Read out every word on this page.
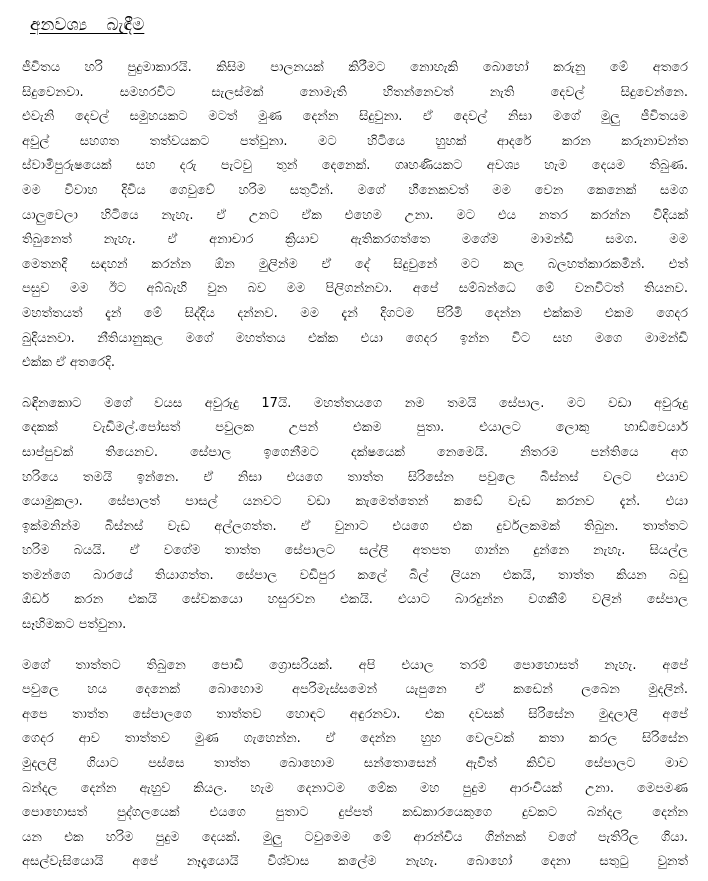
අනවශ්‍ය බැඳීම
ජීවිතය හරි පුදුමාකාරයි. කිසිම පාලනයක් කිරීමට නොහැකි බොහෝ කරුනු මේ අතරෙ
සිදුවෙනවා. සමහරවිට සැලස්මක් නොමැති හිතන්නෙවත් නැති දෙවල් සිදුවෙන්නෙ.
එවැනි දෙවල් සමුහයකට මටත් මුණ දෙන්න සිදුවුනා. ඒ දෙවල් නිසා මගේ මුලු ජීවිතයම
අවුල් සහගත තත්වයකට පත්වුනා. මට හිටියෙ හුහක් ආදරේ කරන කරුනාවන්ත
ස්වාමිපුරුෂයෙක් සහ දරු පැටවු තුන් දෙනෙක්. ගෘහණියකට අවශ්‍ය හැම දෙයම තිබුණ.
මම විවාහ දිවිය ගෙවුවේ හරිම සතුටින්. මගේ හීනෙකවත් මම වෙන කෙනෙක් සමග
යාලුවෙලා හිටියෙ නැහැ. ඒ උනට ඒක එහෙම උනා. මට එය නතර කරන්න විදියක්
තිබුනෙත් නැහැ. ඒ අනාචාර ක්‍රියාව ඇතිකරගත්තෙ මගේම මාමන්ඩි සමග. මම
මෙතනදි සඳහන් කරන්න ඕන මුලින්ම ඒ දේ සිදුවුනේ මට කල බලහත්කාරකමින්. එත්
පසුව මම ඊට අබ්බැහි වුන බව මම පිලිගන්නවා. අපේ සම්බන්ධෙ මේ වනවිටත් තියනව.
මහත්තයත් දැන් මේ සිද්දිය දන්නව. මම දැන් දිගටම පිරිමි දෙන්න එක්කම එකම ගෙදර
බුදියනවා. නීතියානුකුල මගේ මහත්තය එක්ක එයා ගෙදර ඉන්න විට සහ මගෙ මාමන්ඩි
එක්ක ඒ අතරෙදි.
බඳිනකොට මගේ වයස අවුරුදු 17යි. මහත්තයගෙ නම තමයි සේපාල. මට වඩා අවුරුදු
දෙකක් වැඩිමල්.පෝසත් පවුලක උපන් එකම පුතා. එයාලට ලොකු හාඩ්වෙයාර්
සාප්පුවක් තියෙනව. සේපාල ඉගෙනීමට දක්ෂයෙක් නෙමෙයි. නිතරම පන්තියෙ අග
හරියෙ තමයි ඉන්නෙ. ඒ නිසා එයගෙ තාත්ත සිරිසේන පවුලෙ බිස්නස් වලට එයාව
යොමුකලා. සේපාලත් පාසල් යනවට වඩා කැමෙත්තෙන් කඩේ වැඩ කරනව දැන්. එයා
ඉක්මනින්ම බිස්නස් වැඩ අල්ලගත්ත. ඒ වුනාට එයගෙ එක දුර්වලකමක් තිබුන. තාත්තට
හරිම බයයි. ඒ වගේම තාත්ත සේපාලට සල්ලි අතපත ගාන්න දුන්නෙ නැහැ. සියල්ල
තමන්ගෙ බාරයේ තියාගත්ත. සේපාල වඩිපුර කලේ බිල් ලියන එකයි, තාත්ත කියන බඩු
ඕඩර් කරන එකයි සේවකයො හසුරවන එකයි. එයාට බාරදුන්න වගකීම් වලින් සේපාල
සෑහිමකට පත්වුනා.
මගේ තාත්තට තිබුනෙ පොඩි ග්‍රොසරියක්. අපි එයාල තරම් පොහොසත් නැහැ. අපේ
පවුලෙ හය දෙනෙක් බොහොම අපරිමැස්සමෙන් යැපුනෙ ඒ කඩෙන් ලබෙන මුදලින්.
අපෙ තාත්ත සේපාලගෙ තාත්තව හොඳට අඳුරනවා. එක දවසක් සිරිසේන මුදලාලි අපේ
ගෙදර ආව තාත්තව මුණ ගැහෙන්න. ඒ දෙන්න හුහ වෙලවක් කතා කරල සිරිසේන
මුදලලි ගියාට පස්සෙ තාත්ත බොහොම සන්තොසෙන් ඇවිත් කිව්ව සේපාලට මාව
බන්දල දෙන්න ඇහුව කියල. හැම දෙනාටම මේක මහ පුදුම ආරංචියක් උනා. මෙපමණ
පොහොසත් පුද්ගලයෙක් එයගෙ පුතාට දුප්පත් කඩකාරයෙකුගෙ දුවකට බන්දල දෙන්න
යන එක හරිම පුදුම දෙයක්. මුලු ටවුමෙම මේ ආරන්චිය ගින්නක් වගේ පැතිරිල ගියා.
අසල්වැසියොයි අපේ නෑදෑයොයි විශ්වාස කලේම නැහැ. බොහෝ දෙනා සතුටු වුනත්
